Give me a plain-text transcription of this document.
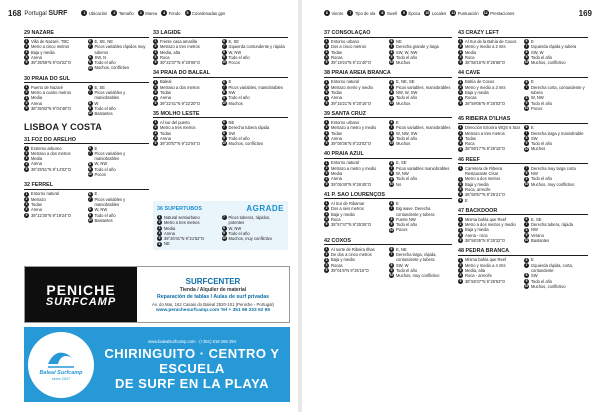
168 Portugal SURF	1 Ubicación	2 Tamaño	3 Marea	4 Fondo	5 Coordenadas gps
29 NAZARÉ
1 Villa de Nazaré. TBC
2 Metro a cinco metros
3 Baja y media
4 Arena
5 39°35'59"N 9°04'22"O
6 E, SE, NE
7 Picos variables rápidos muy tuberos
8 SW, N
9 Todo el año
10 Muchos, conflictivo
30 PRAIA DO SUL
1 Puerto de Nazaré
2 Metro a cuatro metros
3 Media
4 Arena
5 38°35'83"N 9°04'48"O
6 E, SE
7 Picos variables y maniobrables
8 W
9 Todo el año
10 Bastantes
LISBOA Y COSTA
31 FOZ DO ARELHO
1 Extremo arbureo
2 Metraso a dos metros
3 Media
4 Arena
5 39°25'51"N 9°14'02"O
6 E
7 Picos variables y maniobrables
8 W, NW
9 Todo el año
10 Pocos
32 FERREL
1 Entorno natural
2 Metrazo
3 Todas
4 Arena
5 39°22'30"N 9°19'24"O
6 E
7 Picos variables y maniobrables
8 W, NW
9 Todo el año
10 Bastantes
33 LAGIDE
1 Frente casa amarilla
2 Metrazo a tres metros
3 Media, alta
4 Roca
5 39°22'37"N 9°20'06"O
6 E, SE
7 Izquierda contundente y rápida
8 W, NW
9 Todo el año
10 Pocos
34 PRAIA DO BALEAL
1 Baleal
2 Metraso a dos metros
3 Todas
4 Arena
5 39°22'41"N 9°22'20"O
6 E
7 Picos variables, maniobrables
8 NW
9 Todo el año
10 Muchos
35 MOLHO LESTE
1 Al sur del puerto
2 Metro a tres metros
3 Todas
4 Arena
5 39°20'57"N 9°22'04"O
6 NE
7 Derecha tubera rápida
8 SW
9 Todo el año
10 Muchos, conflictivo
36 SUPERTUBOS	AGRADE
1 Natural semiurbano
2 Metro a tres metros
3 Media
4 Arena
5 39°20'41"N 9°21'52"O
6 NE
7 Picos tuberos, rápidos, potentes
8 W, NW
9 Todo el año
10 Muchos, muy conflictivo
PENICHE
SURFCAMP
SURFCENTER
Tienda / Alquiler de material
Reparación de tablas / Aulas de surf privadas
Av. do Mar, 162 Casais do Baleal 2520-101 (Peniche - Portugal)
www.penichesurfcamp.com Tel + 351 96 233 62 95
Baleal Surfcamp
since 2007
www.balealsurfcamp.com · (+351) 918 286 294
CHIRINGUITO · CENTRO Y ESCUELA
DE SURF EN LA PLAYA
6 Viento	7 Tipo de ola	8 Swell	9 Época 10 Locales	11 Puntuación 12 Prestaciones	169
37 CONSOLAÇÃO
1 Entorno urbano
2 Dos a cinco metros
3 Todas
4 Rocas
5 39°19'24"N 9°21'40"O
6 NE
7 Derecha grande y larga
8 SW, W, NW
9 Todo el año
10 Muchos
38 PRAIA AREIA BRANCA
1 Entorno natural
2 Metrazo metro y medio
3 Todas
4 Arena
5 39°15'21"N 9°20'16"O
6 E, NE, SE
7 Picos variables, maniobrables
8 NW, W, SW
9 Todo el año
10 Muchos
39 SANTA CRUZ
1 Entorno urbano
2 Metrazo a metro y medio
3 Todas
4 Arena
5 39°08'36"N 9°23'02"O
6 E
7 Picos variables, maniobrables
8 W, NW, SW
9 Todo el año
10 Muchos
40 PRAIA AZUL
1 Entorno natural
2 Metrazo a metro y medio
3 Media
4 Arena
5 39°05'40"N 9°26'45"O
6 E, SE
7 Picos variables maniobrables
8 W, NW
9 Todo el año
10 No
41 P. SAO LOURENÇOS
1 Al Sur de Ribamar
2 Dos a seis metros
3 Baja y media
4 Roca
5 38°57'47"N 9°25'26"O
6 E
7 Big wave. Derecha contundente y tubera
8 Fuerte NW
9 Todo el año
10 Pocos
42 COXOS
1 Al norte de Ribeira Ilhas
2 De dos a cinco metros
3 Baja y media
4 Rocas
5 39°01'6"N 9°25'16"O
6 E, NE
7 Derecha larga, rápida, contundente y tubera
8 SW, W
9 Todo el año
10 Muchos, muy conflictivo
43 CRAZY LEFT
1 Al Sur de la Bahía de Coxos
2 Metro y medio a 2 mts
3 Media
4 Roca
5 38°58'16"N 9°25'58"O
6 E
7 Izquierda rápida y tubera
8 SW, W
9 Todo el año
10 Muchos, conflictivo
44 CAVE
1 Bahía de Coxos
2 Metro y medio a 3 mts
3 Baja y media
4 Rocas
5 38°59'06"N 9°25'03"O
6 E
7 Derecha corta, contundente y tubera
8 W, NW
9 Todo el año
10 Pocos
45 RIBEIRA D'ILHAS
1 Dirección Ericeira WQS 6 Star
2 Metrazo a tres metros
3 Todas
4 Roca
5 38°59'17"N 9°25'15"O
6 E
7 Derecha larga y maniobrable
8 SW
9 Todo el año
10 Muchos
46 REEF
1 Carretera de Ribeira Restaurante Císar
2 Metro a dos metros
3 Baja y media
4 Roca, arrecife
5 38°58'57"N 9°25'21"O
6 E
7 Derecha muy larga corta
8 NW
9 Todo el año
10 Muchos, muy conflictivo
47 BACKDOOR
1 Misma bahía que Reef
2 Metro a dos metros y medio
3 Baja y media
4 Arena - roca
5 38°58'45"N 9°25'32"O
6 E, SE
7 Derecha tubera, rápida
8 NW
9 Verano
10 Bastantes
48 PEDRA BRANCA
1 Misma bahía que Reef
2 Metro y medio a 4 mts
3 Media, alta
4 Roca - arrecife
5 38°58'47"N 9°25'53"O
6 E
7 Izquierda rápida, corta, contundente
8 SW
9 Todo el año
10 Muchos, conflictivo
